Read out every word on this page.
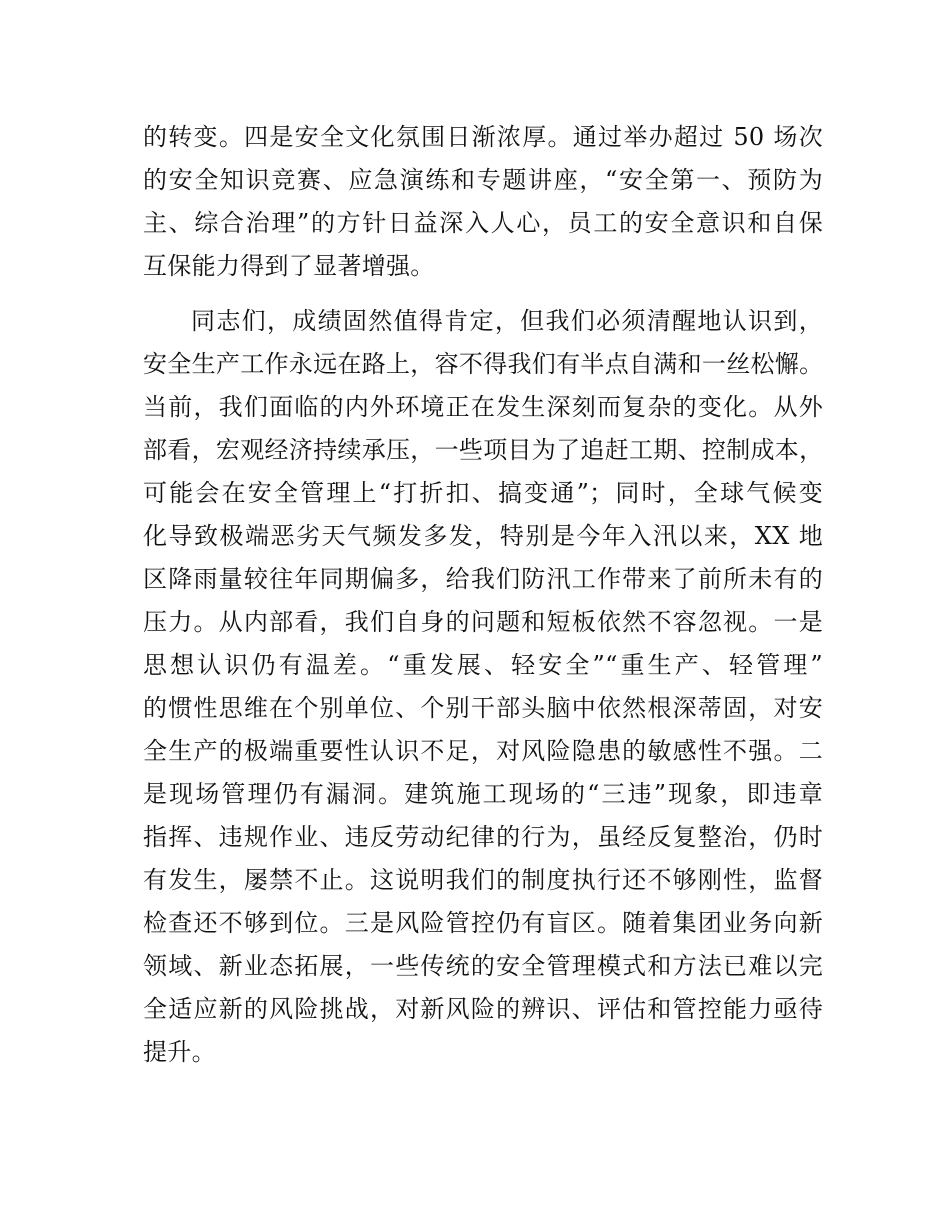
的转变。四是安全文化氛围日渐浓厚。通过举办超过 50 场次
的安全知识竞赛、应急演练和专题讲座，“安全第一、预防为
主、综合治理”的方针日益深入人心，员工的安全意识和自保
互保能力得到了显著增强。
同志们，成绩固然值得肯定，但我们必须清醒地认识到，
安全生产工作永远在路上，容不得我们有半点自满和一丝松懈。
当前，我们面临的内外环境正在发生深刻而复杂的变化。从外
部看，宏观经济持续承压，一些项目为了追赶工期、控制成本，
可能会在安全管理上“打折扣、搞变通”；同时，全球气候变
化导致极端恶劣天气频发多发，特别是今年入汛以来，XX 地
区降雨量较往年同期偏多，给我们防汛工作带来了前所未有的
压力。从内部看，我们自身的问题和短板依然不容忽视。一是
思想认识仍有温差。“重发展、轻安全”“重生产、轻管理”
的惯性思维在个别单位、个别干部头脑中依然根深蒂固，对安
全生产的极端重要性认识不足，对风险隐患的敏感性不强。二
是现场管理仍有漏洞。建筑施工现场的“三违”现象，即违章
指挥、违规作业、违反劳动纪律的行为，虽经反复整治，仍时
有发生，屡禁不止。这说明我们的制度执行还不够刚性，监督
检查还不够到位。三是风险管控仍有盲区。随着集团业务向新
领域、新业态拓展，一些传统的安全管理模式和方法已难以完
全适应新的风险挑战，对新风险的辨识、评估和管控能力亟待
提升。
